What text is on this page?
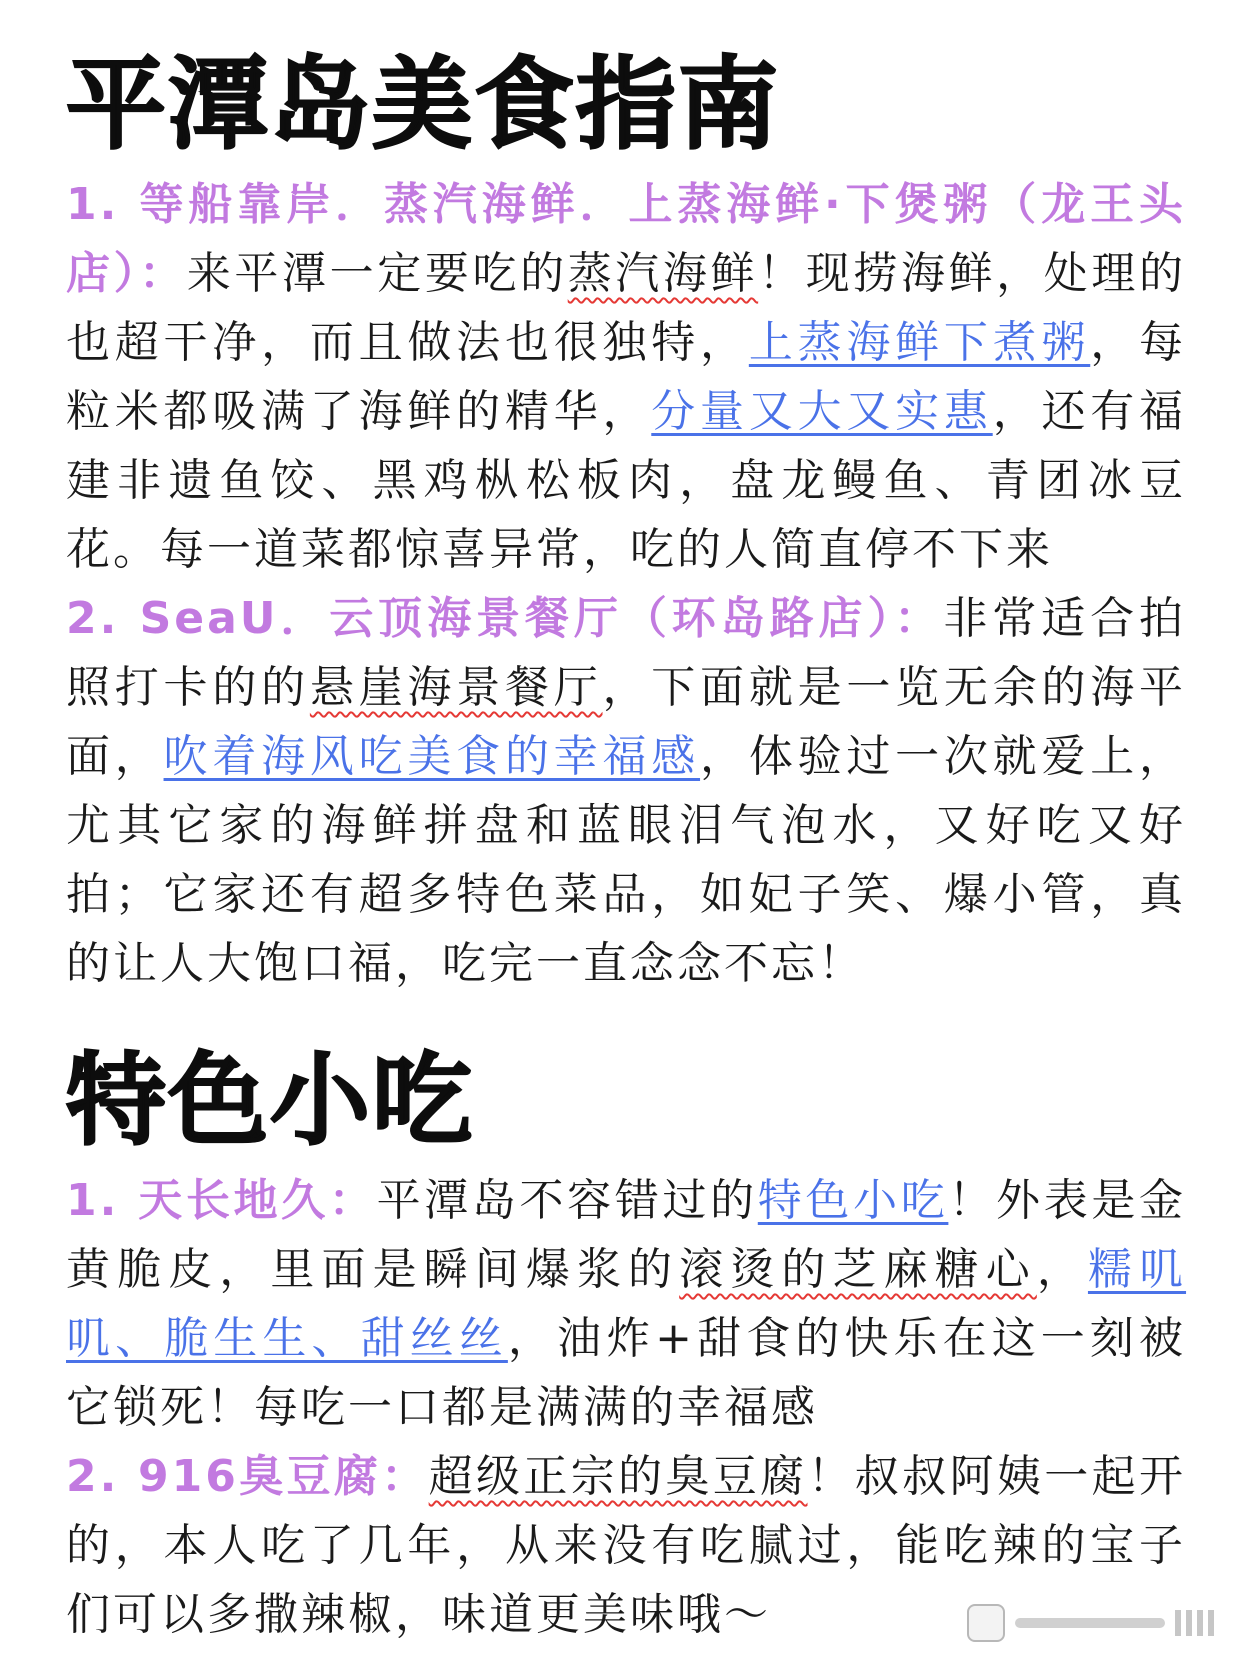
平潭岛美食指南

1. 等船靠岸．蒸汽海鲜．上蒸海鲜·下煲粥（龙王头店）：来平潭一定要吃的蒸汽海鲜！现捞海鲜，处理的也超干净，而且做法也很独特，上蒸海鲜下煮粥，每粒米都吸满了海鲜的精华，分量又大又实惠，还有福建非遗鱼饺、黑鸡枞松板肉，盘龙鳗鱼、青团冰豆花。每一道菜都惊喜异常，吃的人简直停不下来

2. SeaU．云顶海景餐厅（环岛路店）：非常适合拍照打卡的的悬崖海景餐厅，下面就是一览无余的海平面，吹着海风吃美食的幸福感，体验过一次就爱上，尤其它家的海鲜拼盘和蓝眼泪气泡水，又好吃又好拍；它家还有超多特色菜品，如妃子笑、爆小管，真的让人大饱口福，吃完一直念念不忘！

特色小吃

1. 天长地久：平潭岛不容错过的特色小吃！外表是金黄脆皮，里面是瞬间爆浆的滚烫的芝麻糖心，糯叽叽、脆生生、甜丝丝，油炸+甜食的快乐在这一刻被它锁死！每吃一口都是满满的幸福感

2. 916臭豆腐：超级正宗的臭豆腐！叔叔阿姨一起开的，本人吃了几年，从来没有吃腻过，能吃辣的宝子们可以多撒辣椒，味道更美味哦～
